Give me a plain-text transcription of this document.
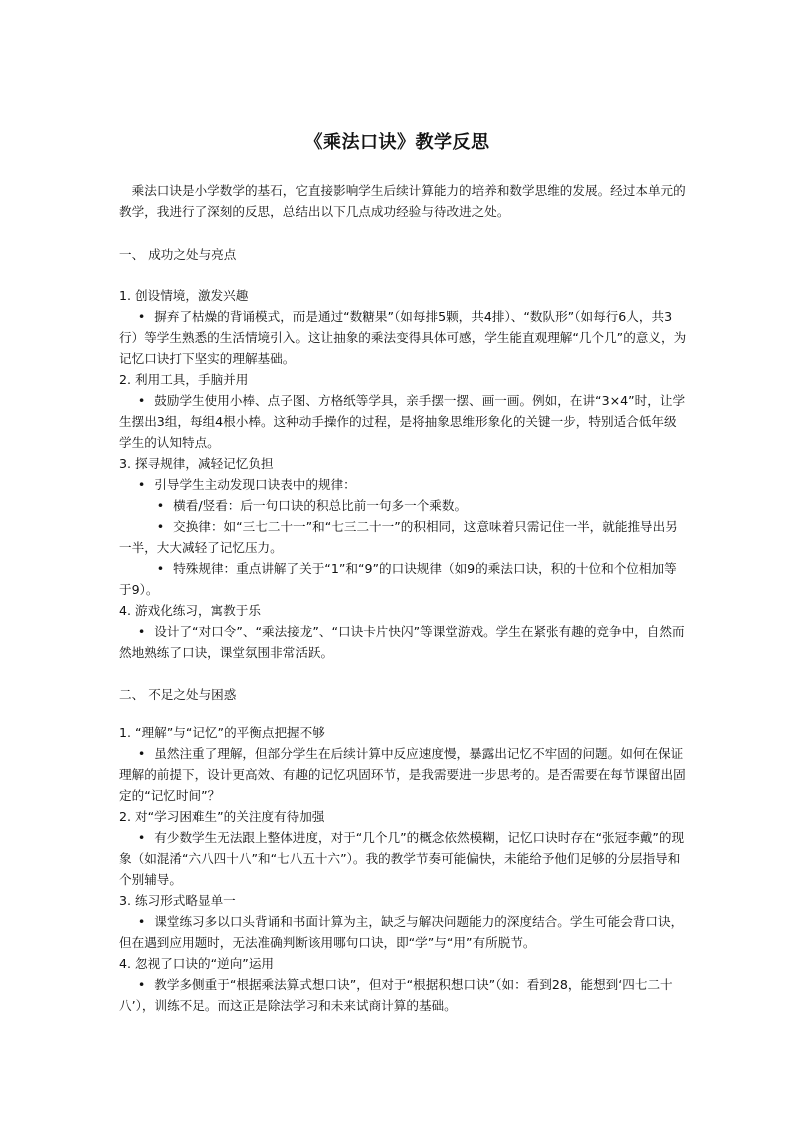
《乘法口诀》教学反思

乘法口诀是小学数学的基石，它直接影响学生后续计算能力的培养和数学思维的发展。经过本单元的教学，我进行了深刻的反思，总结出以下几点成功经验与待改进之处。

一、 成功之处与亮点

1. 创设情境，激发兴趣

• 摒弃了枯燥的背诵模式，而是通过“数糖果”（如每排5颗，共4排）、“数队形”（如每行6人，共3行）等学生熟悉的生活情境引入。这让抽象的乘法变得具体可感，学生能直观理解“几个几”的意义，为记忆口诀打下坚实的理解基础。

2. 利用工具，手脑并用

• 鼓励学生使用小棒、点子图、方格纸等学具，亲手摆一摆、画一画。例如，在讲“3×4”时，让学生摆出3组，每组4根小棒。这种动手操作的过程，是将抽象思维形象化的关键一步，特别适合低年级学生的认知特点。

3. 探寻规律，减轻记忆负担

• 引导学生主动发现口诀表中的规律：

• 横看/竖看：后一句口诀的积总比前一句多一个乘数。

• 交换律：如“三七二十一”和“七三二十一”的积相同，这意味着只需记住一半，就能推导出另一半，大大减轻了记忆压力。

• 特殊规律：重点讲解了关于“1”和“9”的口诀规律（如9的乘法口诀，积的十位和个位相加等于9）。

4. 游戏化练习，寓教于乐

• 设计了“对口令”、“乘法接龙”、“口诀卡片快闪”等课堂游戏。学生在紧张有趣的竞争中，自然而然地熟练了口诀，课堂氛围非常活跃。

二、 不足之处与困惑

1. “理解”与“记忆”的平衡点把握不够

• 虽然注重了理解，但部分学生在后续计算中反应速度慢，暴露出记忆不牢固的问题。如何在保证理解的前提下，设计更高效、有趣的记忆巩固环节，是我需要进一步思考的。是否需要在每节课留出固定的“记忆时间”？

2. 对“学习困难生”的关注度有待加强

• 有少数学生无法跟上整体进度，对于“几个几”的概念依然模糊，记忆口诀时存在“张冠李戴”的现象（如混淆“六八四十八”和“七八五十六”）。我的教学节奏可能偏快，未能给予他们足够的分层指导和个别辅导。

3. 练习形式略显单一

• 课堂练习多以口头背诵和书面计算为主，缺乏与解决问题能力的深度结合。学生可能会背口诀，但在遇到应用题时，无法准确判断该用哪句口诀，即“学”与“用”有所脱节。

4. 忽视了口诀的“逆向”运用

• 教学多侧重于“根据乘法算式想口诀”，但对于“根据积想口诀”（如：看到28，能想到‘四七二十八’），训练不足。而这正是除法学习和未来试商计算的基础。
